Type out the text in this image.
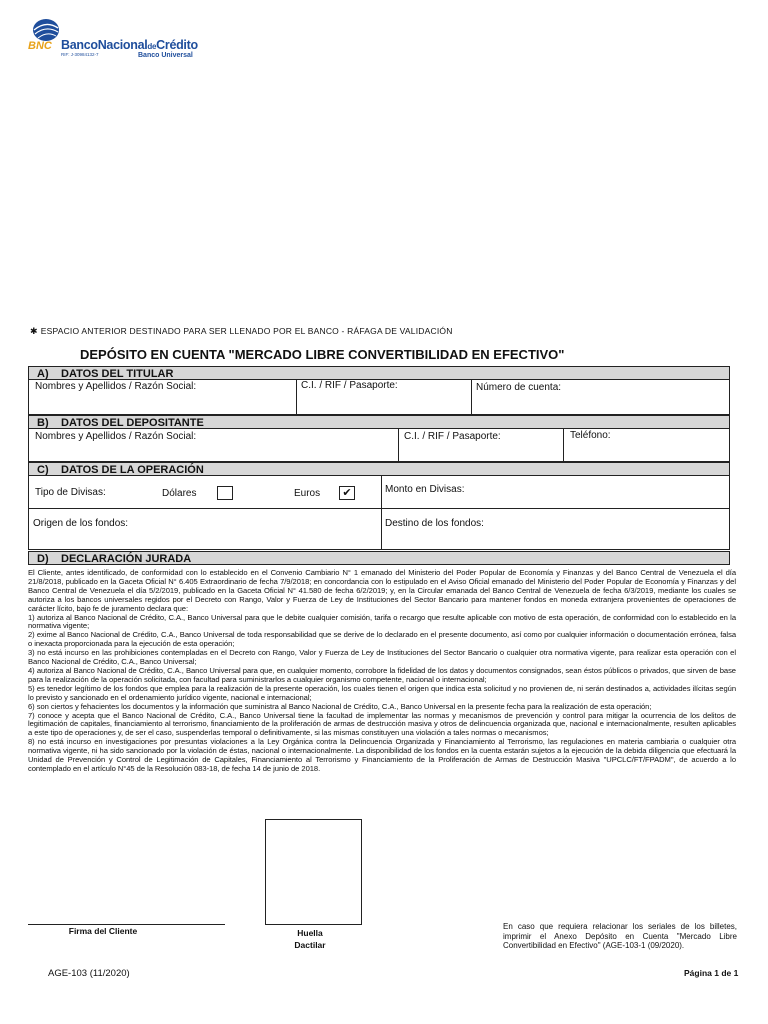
BNC BancoNacionaldeCrédito
RIF: J-30984132-7	Banco Universal
✱ ESPACIO ANTERIOR DESTINADO PARA SER LLENADO POR EL BANCO - RÁFAGA DE VALIDACIÓN
DEPÓSITO EN CUENTA "MERCADO LIBRE CONVERTIBILIDAD EN EFECTIVO"
A) DATOS DEL TITULAR
Nombres y Apellidos / Razón Social:	C.I. / RIF / Pasaporte:	Número de cuenta:
B) DATOS DEL DEPOSITANTE
Nombres y Apellidos / Razón Social:	C.I. / RIF / Pasaporte:	Teléfono:
C) DATOS DE LA OPERACIÓN
Tipo de Divisas:	Dólares	Euros	✔	Monto en Divisas:
Origen de los fondos:	Destino de los fondos:
D) DECLARACIÓN JURADA

El Cliente, antes identificado, de conformidad con lo establecido en el Convenio Cambiario N° 1 emanado del Ministerio del Poder Popular de Economía y Finanzas y del Banco Central de Venezuela el día 21/8/2018, publicado en la Gaceta Oficial N° 6.405 Extraordinario de fecha 7/9/2018; en concordancia con lo estipulado en el Aviso Oficial emanado del Ministerio del Poder Popular de Economía y Finanzas y del Banco Central de Venezuela el día 5/2/2019, publicado en la Gaceta Oficial N° 41.580 de fecha 6/2/2019; y, en la Circular emanada del Banco Central de Venezuela de fecha 6/3/2019, mediante los cuales se autoriza a los bancos universales regidos por el Decreto con Rango, Valor y Fuerza de Ley de Instituciones del Sector Bancario para mantener fondos en moneda extranjera provenientes de operaciones de carácter lícito, bajo fe de juramento declara que:

1) autoriza al Banco Nacional de Crédito, C.A., Banco Universal para que le debite cualquier comisión, tarifa o recargo que resulte aplicable con motivo de esta operación, de conformidad con lo establecido en la normativa vigente;

2) exime al Banco Nacional de Crédito, C.A., Banco Universal de toda responsabilidad que se derive de lo declarado en el presente documento, así como por cualquier información o documentación errónea, falsa o inexacta proporcionada para la ejecución de esta operación;

3) no está incurso en las prohibiciones contempladas en el Decreto con Rango, Valor y Fuerza de Ley de Instituciones del Sector Bancario o cualquier otra normativa vigente, para realizar esta operación con el Banco Nacional de Crédito, C.A., Banco Universal;

4) autoriza al Banco Nacional de Crédito, C.A., Banco Universal para que, en cualquier momento, corrobore la fidelidad de los datos y documentos consignados, sean éstos públicos o privados, que sirven de base para la realización de la operación solicitada, con facultad para suministrarlos a cualquier organismo competente, nacional o internacional;

5) es tenedor legítimo de los fondos que emplea para la realización de la presente operación, los cuales tienen el origen que indica esta solicitud y no provienen de, ni serán destinados a, actividades ilícitas según lo previsto y sancionado en el ordenamiento jurídico vigente, nacional e internacional;

6) son ciertos y fehacientes los documentos y la información que suministra al Banco Nacional de Crédito, C.A., Banco Universal en la presente fecha para la realización de esta operación;

7) conoce y acepta que el Banco Nacional de Crédito, C.A., Banco Universal tiene la facultad de implementar las normas y mecanismos de prevención y control para mitigar la ocurrencia de los delitos de legitimación de capitales, financiamiento al terrorismo, financiamiento de la proliferación de armas de destrucción masiva y otros de delincuencia organizada que, nacional e internacionalmente, resulten aplicables a este tipo de operaciones y, de ser el caso, suspenderlas temporal o definitivamente, si las mismas constituyen una violación a tales normas o mecanismos;

8) no está incurso en investigaciones por presuntas violaciones a la Ley Orgánica contra la Delincuencia Organizada y Financiamiento al Terrorismo, las regulaciones en materia cambiaria o cualquier otra normativa vigente, ni ha sido sancionado por la violación de éstas, nacional o internacionalmente. La disponibilidad de los fondos en la cuenta estarán sujetos a la ejecución de la debida diligencia que efectuará la Unidad de Prevención y Control de Legitimación de Capitales, Financiamiento al Terrorismo y Financiamiento de la Proliferación de Armas de Destrucción Masiva "UPCLC/FT/FPADM", de acuerdo a lo contemplado en el artículo N°45 de la Resolución 083-18, de fecha 14 de junio de 2018.

Firma del Cliente	Huella
Dactilar
En caso que requiera relacionar los seriales de los billetes, imprimir el Anexo Depósito en Cuenta "Mercado Libre Convertibilidad en Efectivo" (AGE-103-1 (09/2020).
AGE-103 (11/2020)	Página 1 de 1
